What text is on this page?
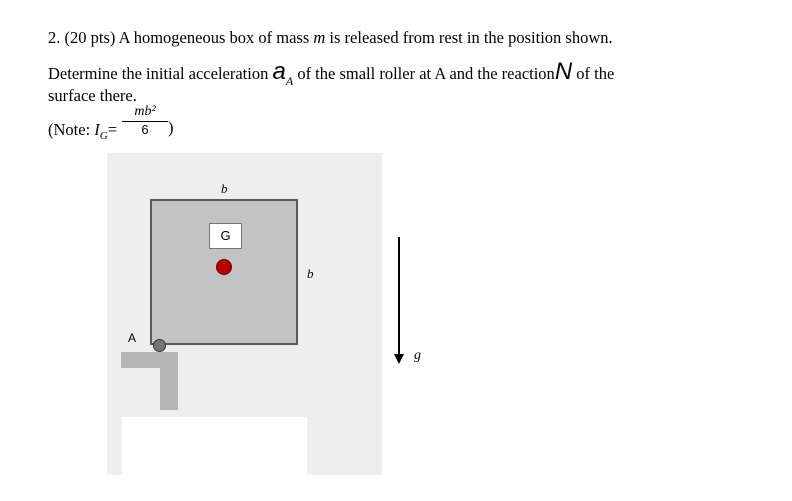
2. (20 pts) A homogeneous box of mass m is released from rest in the position shown.
Determine the initial acceleration $a_A$ of the small roller at A and the reactionN of the
surface there.
(Note: $I_G= \frac{\text{mb²}}{6}$ )
G
b
b
A
g
